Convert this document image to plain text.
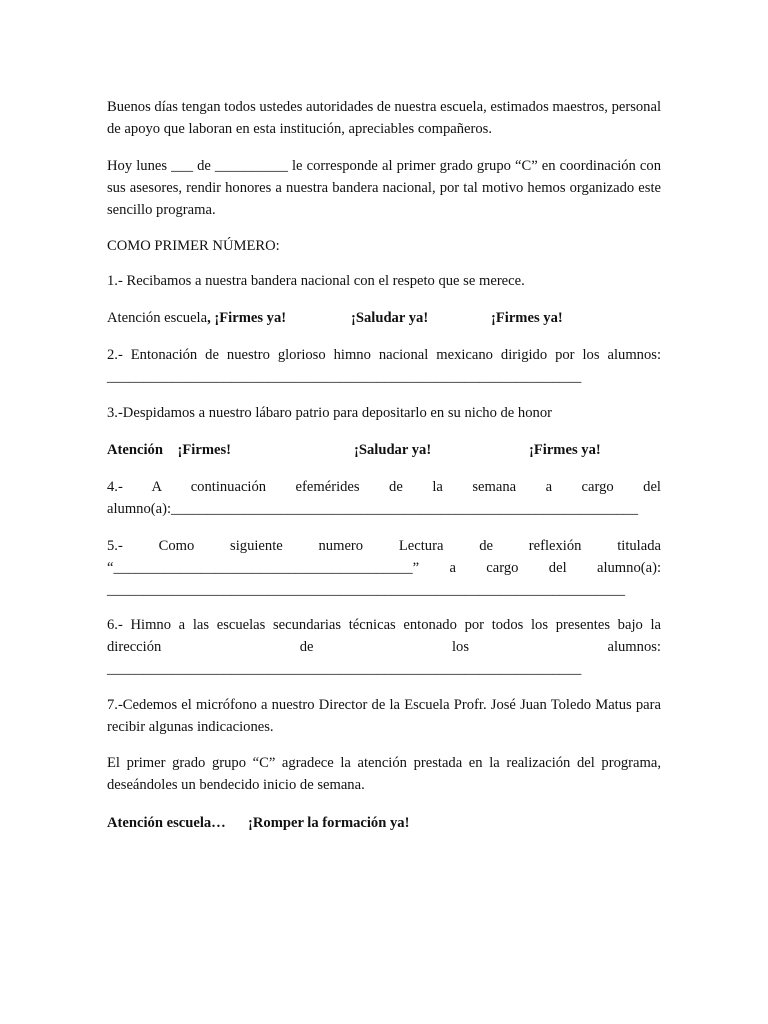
Buenos días tengan todos ustedes autoridades de nuestra escuela, estimados maestros, personal de apoyo que laboran en esta institución, apreciables compañeros.

Hoy lunes ___ de __________ le corresponde al primer grado grupo “C” en coordinación con sus asesores, rendir honores a nuestra bandera nacional, por tal motivo hemos organizado este sencillo programa.

COMO PRIMER NÚMERO:

1.- Recibamos a nuestra bandera nacional con el respeto que se merece.

Atención escuela, ¡Firmes ya!	¡Saludar ya!	¡Firmes ya!
2.- Entonación de nuestro glorioso himno nacional mexicano dirigido por los alumnos:
_________________________________________________________________

3.-Despidamos a nuestro lábaro patrio para depositarlo en su nicho de honor

Atención    ¡Firmes!	¡Saludar ya!	¡Firmes ya!
4.- A continuación efemérides de la semana a cargo del
alumno(a):________________________________________________________________
5.- Como siguiente numero Lectura de reflexión titulada
“_________________________________________” a cargo del alumno(a):
_______________________________________________________________________
6.- Himno a las escuelas secundarias técnicas entonado por todos los presentes bajo la
dirección de los alumnos:
_________________________________________________________________

7.-Cedemos el micrófono a nuestro Director de la Escuela Profr. José Juan Toledo Matus para recibir algunas indicaciones.

El primer grado grupo “C” agradece la atención prestada en la realización del programa, deseándoles un bendecido inicio de semana.

Atención escuela… ¡Romper la formación ya!
